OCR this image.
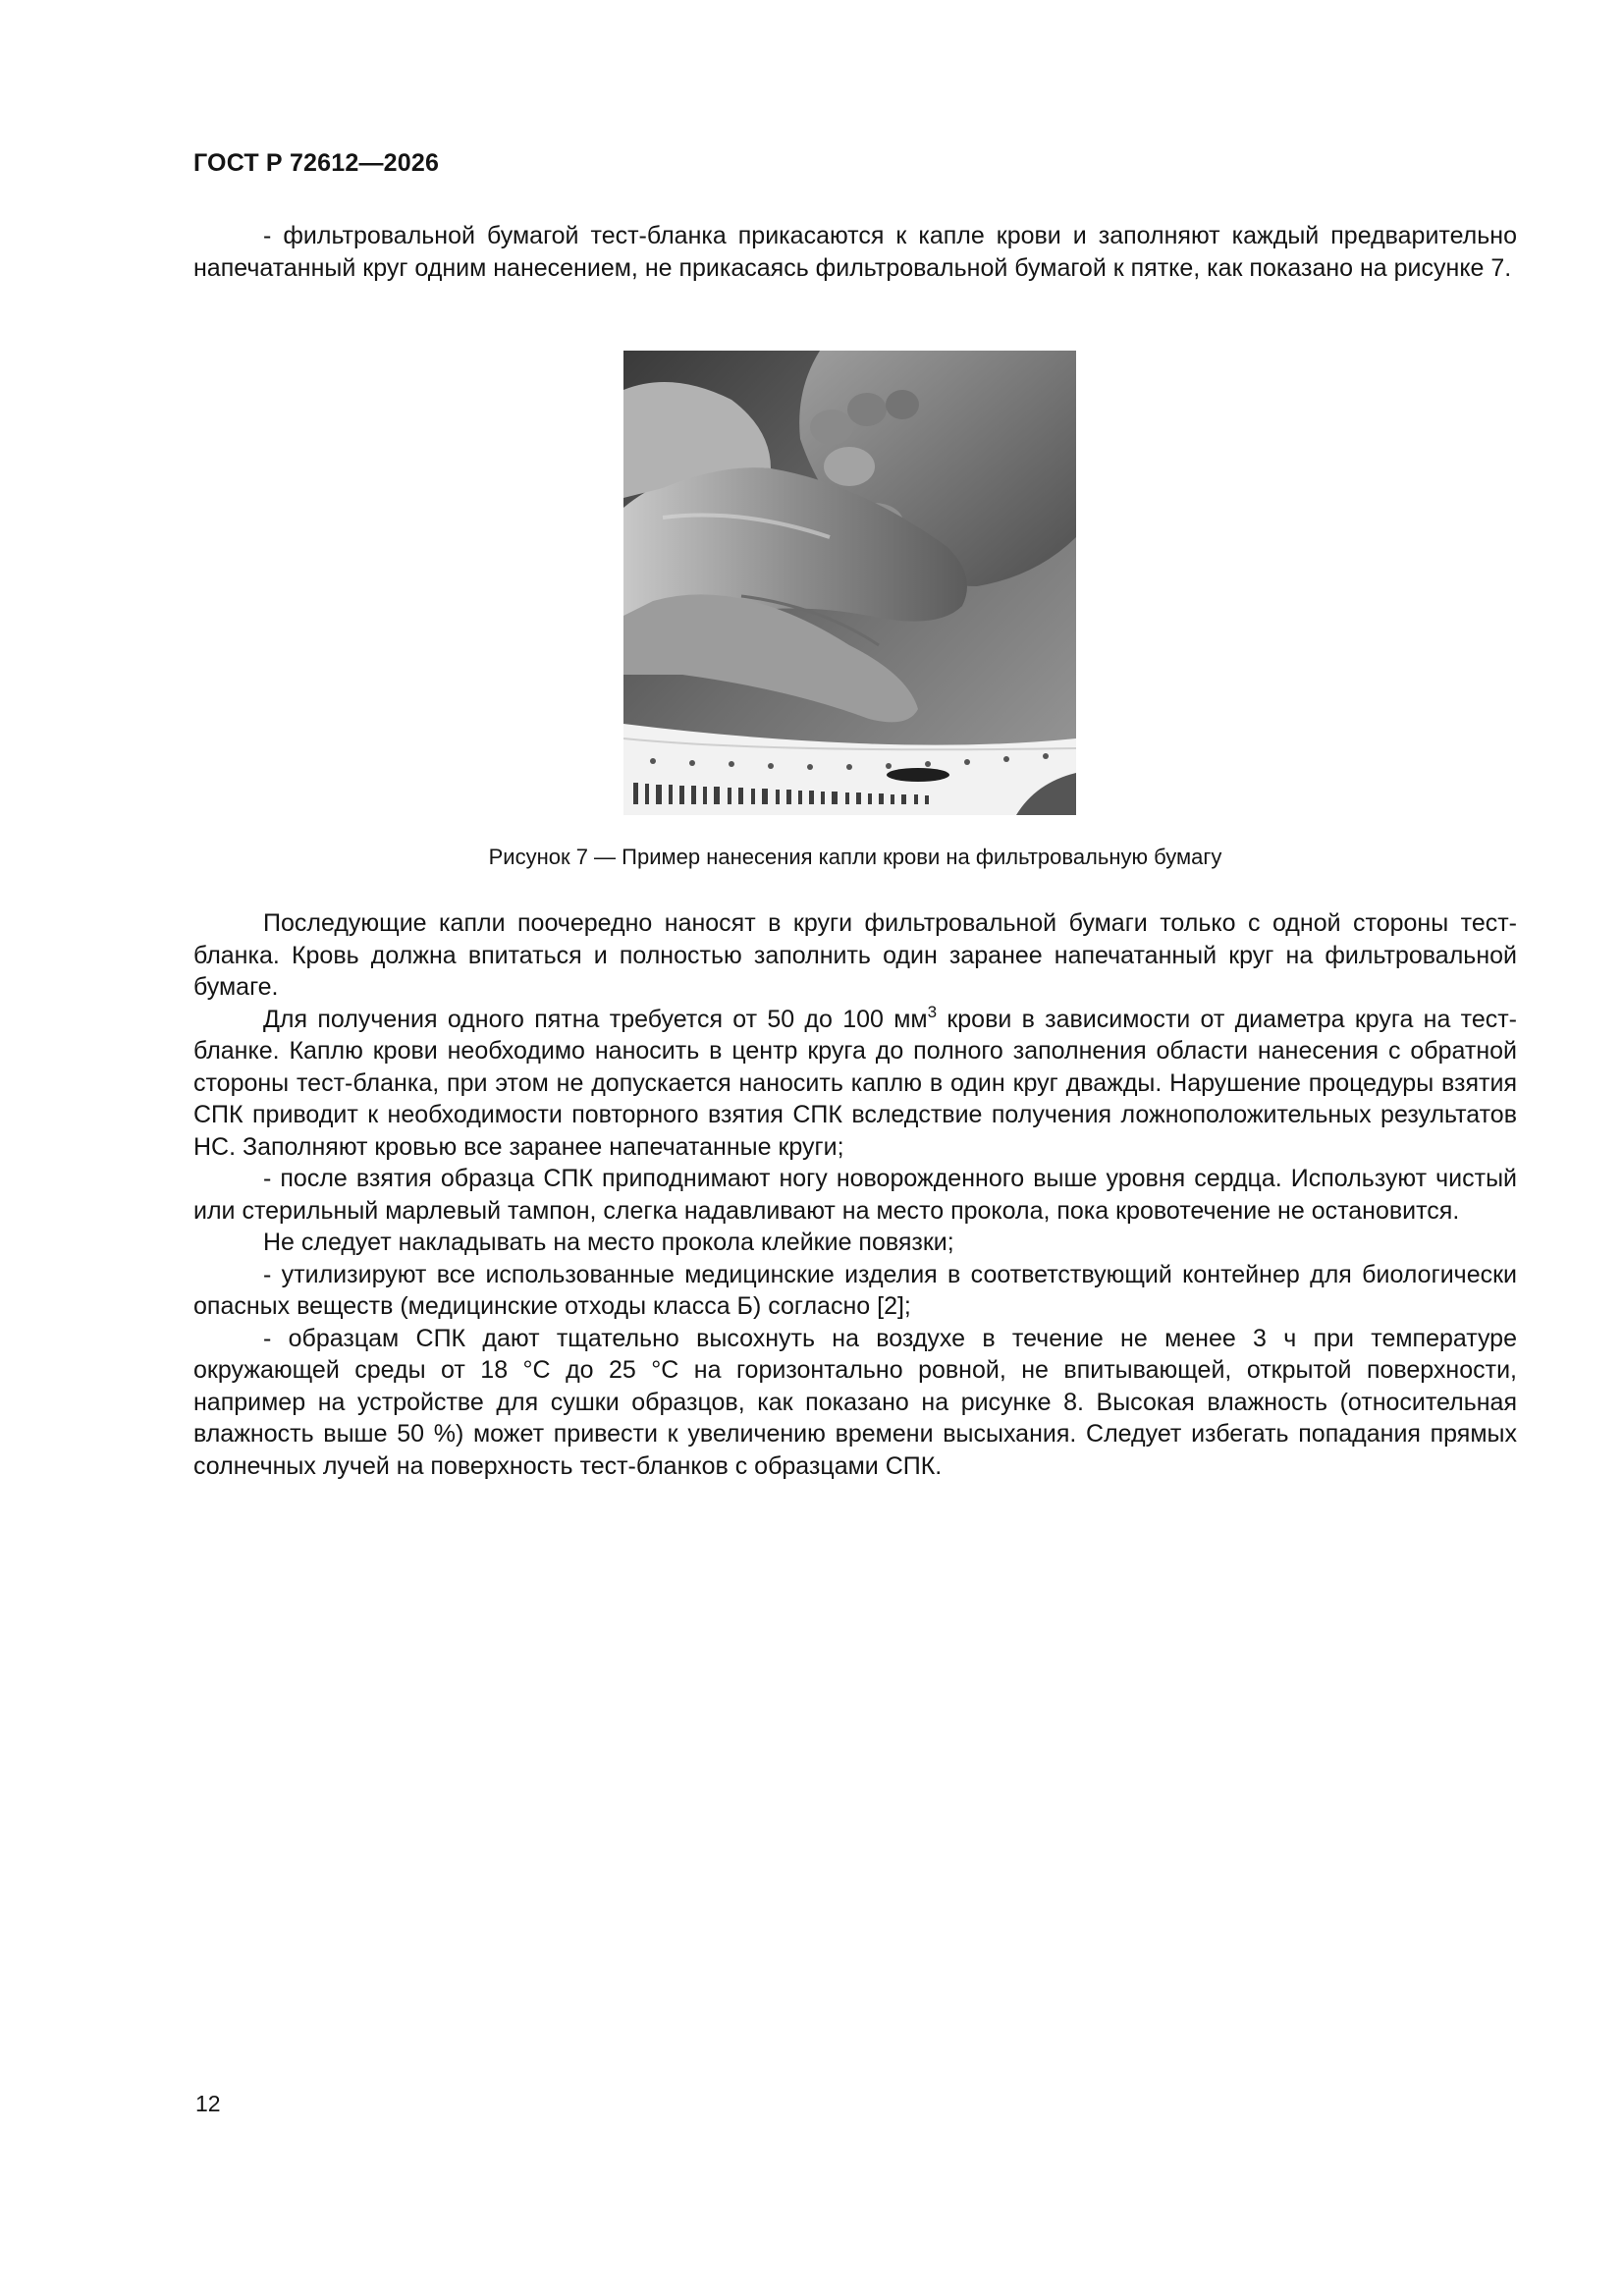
ГОСТ Р 72612—2026

- фильтровальной бумагой тест-бланка прикасаются к капле крови и заполняют каждый предварительно напечатанный круг одним нанесением, не прикасаясь фильтровальной бумагой к пятке, как показано на рисунке 7.

Рисунок 7 — Пример нанесения капли крови на фильтровальную бумагу

Последующие капли поочередно наносят в круги фильтровальной бумаги только с одной стороны тест-бланка. Кровь должна впитаться и полностью заполнить один заранее напечатанный круг на фильтровальной бумаге.

Для получения одного пятна требуется от 50 до 100 $мм^3$ крови в зависимости от диаметра круга на тест-бланке. Каплю крови необходимо наносить в центр круга до полного заполнения области нанесения с обратной стороны тест-бланка, при этом не допускается наносить каплю в один круг дважды. Нарушение процедуры взятия СПК приводит к необходимости повторного взятия СПК вследствие получения ложноположительных результатов НС. Заполняют кровью все заранее напечатанные круги;

- после взятия образца СПК приподнимают ногу новорожденного выше уровня сердца. Используют чистый или стерильный марлевый тампон, слегка надавливают на место прокола, пока кровотечение не остановится.

Не следует накладывать на место прокола клейкие повязки;

- утилизируют все использованные медицинские изделия в соответствующий контейнер для биологически опасных веществ (медицинские отходы класса Б) согласно [2];

- образцам СПК дают тщательно высохнуть на воздухе в течение не менее 3 ч при температуре окружающей среды от 18 °С до 25 °С на горизонтально ровной, не впитывающей, открытой поверхности, например на устройстве для сушки образцов, как показано на рисунке 8. Высокая влажность (относительная влажность выше 50 %) может привести к увеличению времени высыхания. Следует избегать попадания прямых солнечных лучей на поверхность тест-бланков с образцами СПК.

12
